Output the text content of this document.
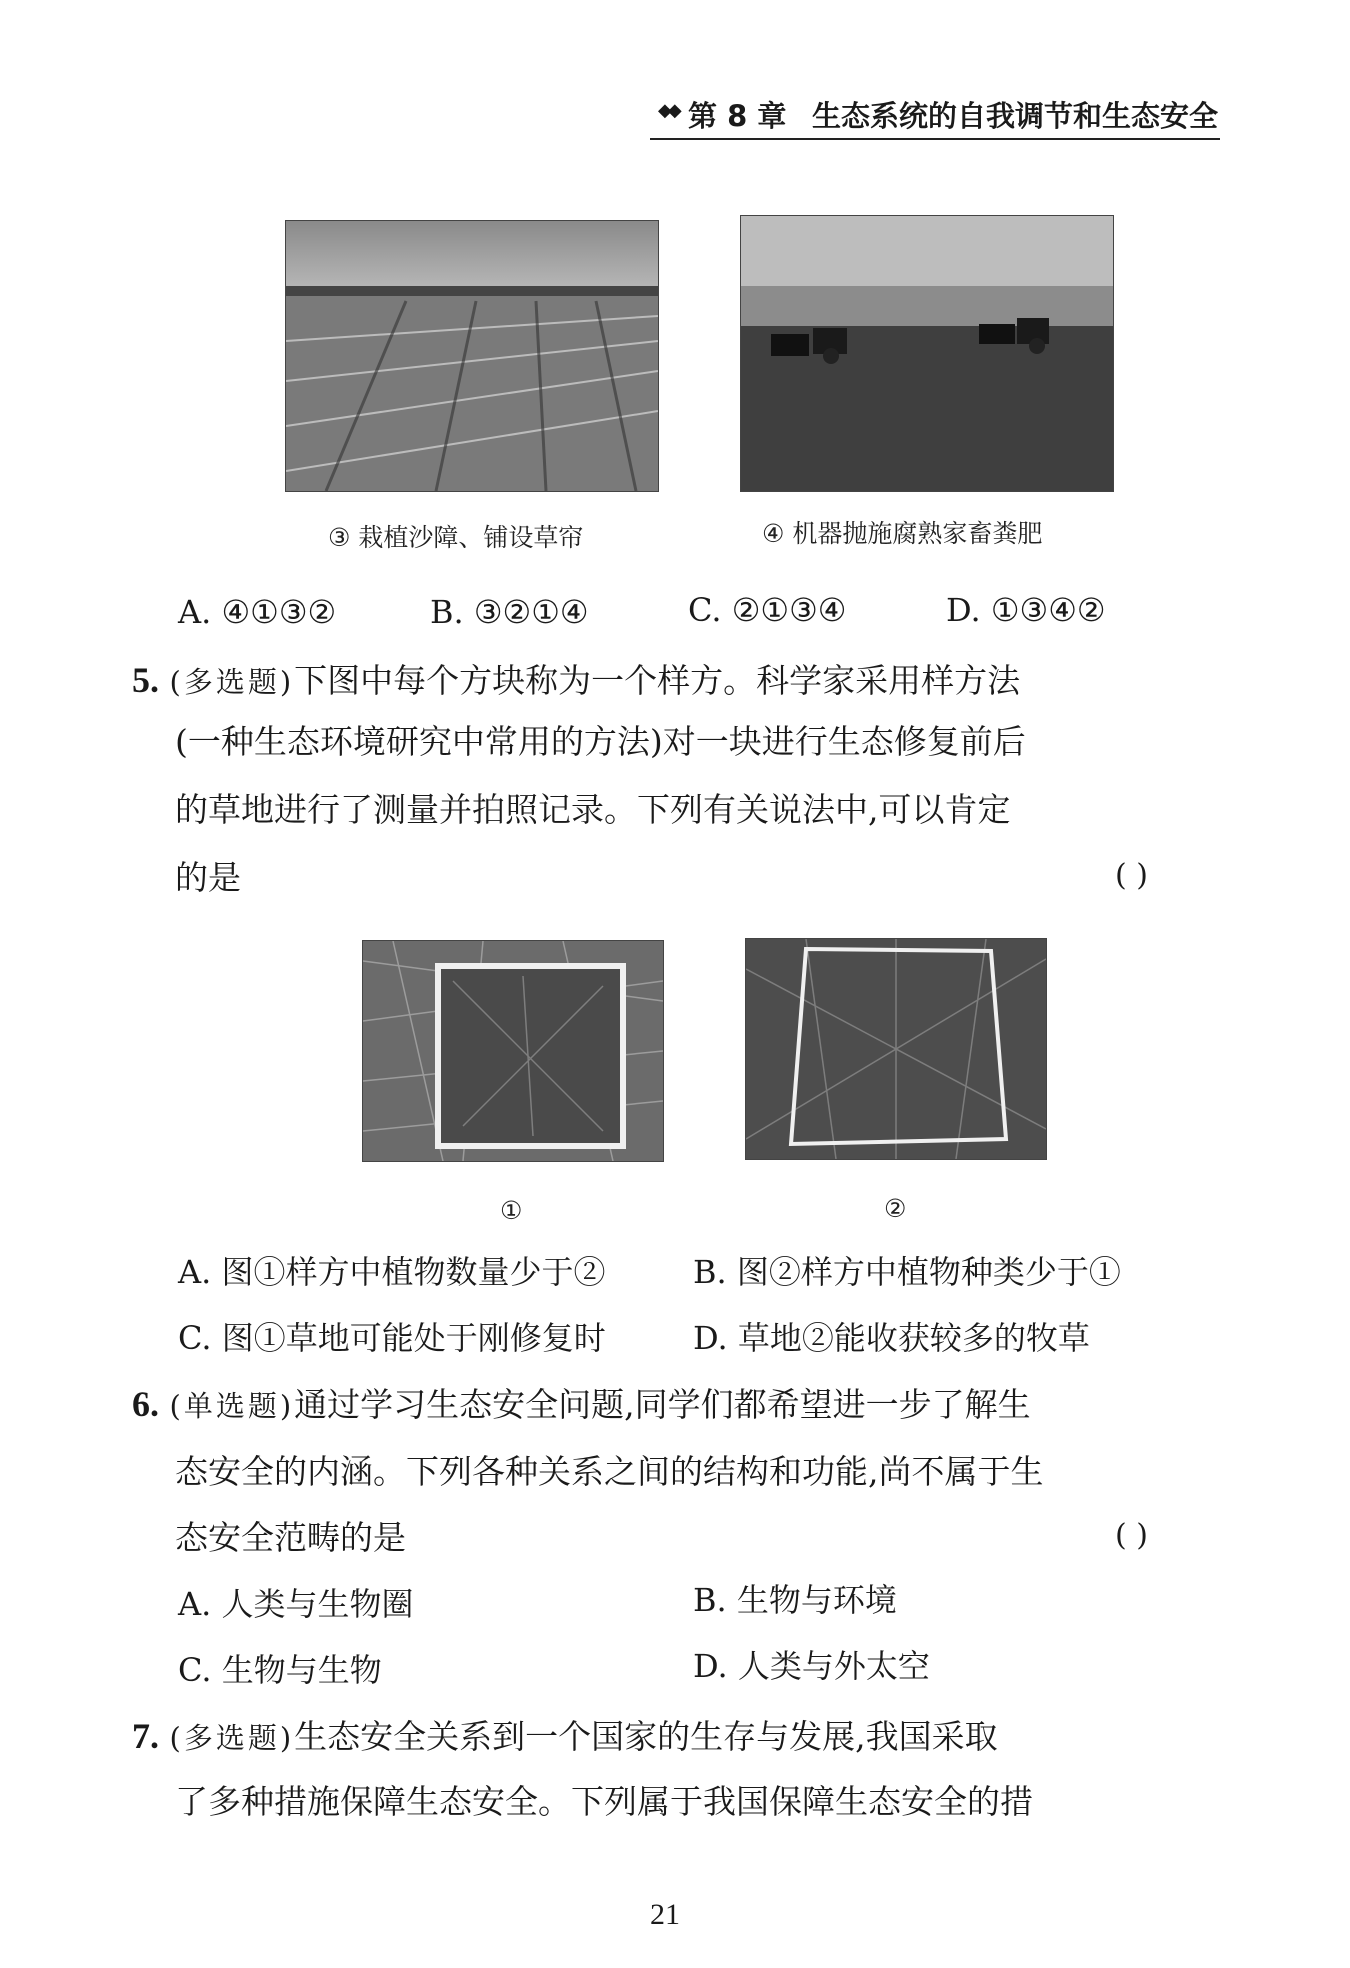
◆◆ 第 8 章 生态系统的自我调节和生态安全
③ 栽植沙障、铺设草帘	④ 机器抛施腐熟家畜粪肥
A. ④①③②	B. ③②①④	C. ②①③④	D. ①③④②
5. (多选题)下图中每个方块称为一个样方。科学家采用样方法
(一种生态环境研究中常用的方法)对一块进行生态修复前后
的草地进行了测量并拍照记录。下列有关说法中,可以肯定
的是	( )
①	②
A. 图①样方中植物数量少于②	B. 图②样方中植物种类少于①
C. 图①草地可能处于刚修复时	D. 草地②能收获较多的牧草
6. (单选题)通过学习生态安全问题,同学们都希望进一步了解生
态安全的内涵。下列各种关系之间的结构和功能,尚不属于生
态安全范畴的是	( )
A. 人类与生物圈	B. 生物与环境
C. 生物与生物	D. 人类与外太空
7. (多选题)生态安全关系到一个国家的生存与发展,我国采取
了多种措施保障生态安全。下列属于我国保障生态安全的措
21
